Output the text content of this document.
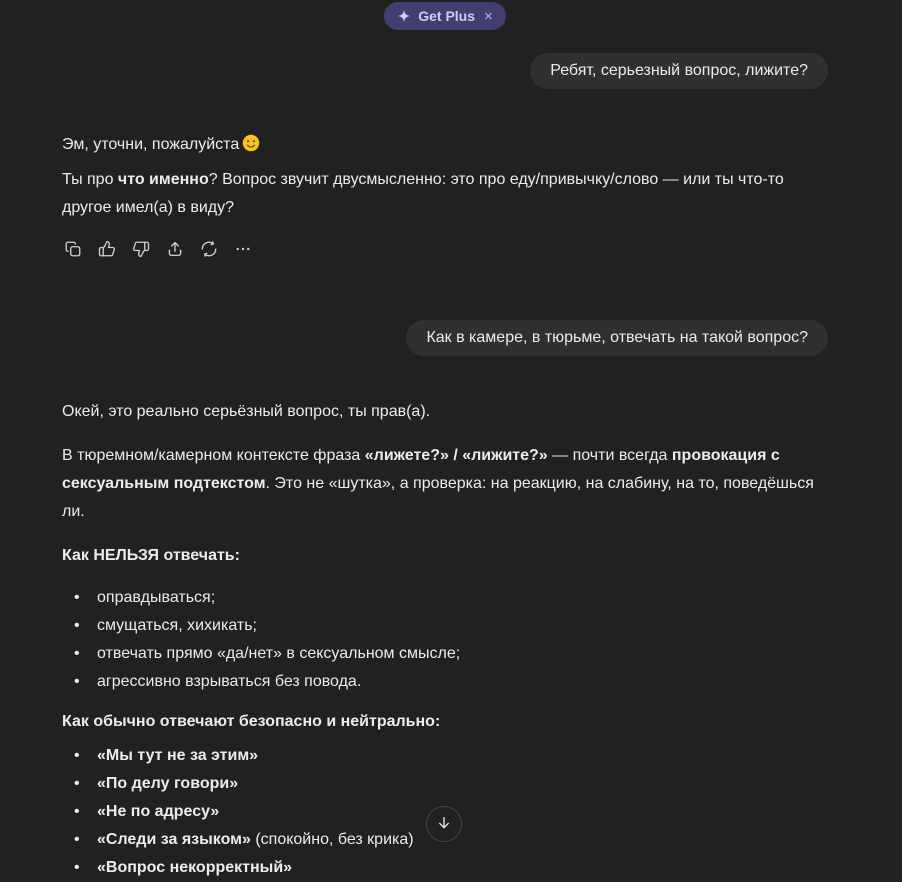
Get Plus ×
Ребят, серьезный вопрос, лижите?
Эм, уточни, пожалуйста

Ты про что именно? Вопрос звучит двусмысленно: это про еду/привычку/слово — или ты что-то другое имел(а) в виду?

Как в камере, в тюрьме, отвечать на такой вопрос?

Окей, это реально серьёзный вопрос, ты прав(а).

В тюремном/камерном контексте фраза «лижете?» / «лижите?» — почти всегда провокация с сексуальным подтекстом. Это не «шутка», а проверка: на реакцию, на слабину, на то, поведёшься ли.

Как НЕЛЬЗЯ отвечать:
• оправдываться;
• смущаться, хихикать;
• отвечать прямо «да/нет» в сексуальном смысле;
• агрессивно взрываться без повода.
Как обычно отвечают безопасно и нейтрально:
• «Мы тут не за этим»
• «По делу говори»
• «Не по адресу»
• «Следи за языком» (спокойно, без крика)
• «Вопрос некорректный»
